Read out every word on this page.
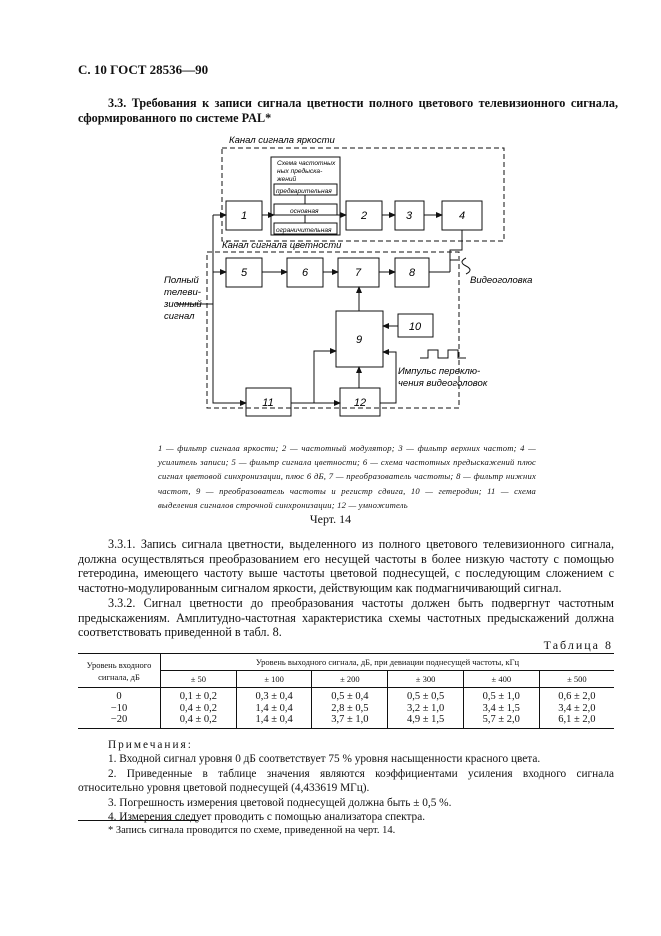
С. 10 ГОСТ 28536—90
3.3. Требования к записи сигнала цветности полного цветового телевизионного сигнала, сформированного по системе PAL*
Канал сигнала яркости
Канал сигнала цветности
Схема частотных
ных предыска-
жений
предварительная
основная
ограничительная
1	2	3	4
5	6	7	8
9
10
11	12
Полный
телеви-
зионный
сигнал
Видеоголовка
Импульс переклю-
чения видеоголовок
1 — фильтр сигнала яркости; 2 — частотный модулятор; 3 — фильтр верхних частот; 4 — усилитель записи; 5 — фильтр сигнала цветности; 6 — схема частотных предыскажений плюс сигнал цветовой синхронизации, плюс 6 дБ, 7 — преобразователь частоты; 8 — фильтр нижних частот, 9 — преобразователь частоты и регистр сдвига, 10 — гетеродин; 11 — схема выделения сигналов строчной синхронизации; 12 — умножитель
Черт. 14
3.3.1. Запись сигнала цветности, выделенного из полного цветового телевизионного сигнала, должна осуществляться преобразованием его несущей частоты в более низкую частоту с помощью гетеродина, имеющего частоту выше частоты цветовой поднесущей, с последующим сложением с частотно-модулированным сигналом яркости, действующим как подмагничивающий сигнал.
3.3.2. Сигнал цветности до преобразования частоты должен быть подвергнут частотным предыскажениям. Амплитудно-частотная характеристика схемы частотных предыскажений должна соответствовать приведенной в табл. 8.
Таблица 8
Уровень входного сигнала, дБ	Уровень выходного сигнала, дБ, при девиации поднесущей частоты, кГц					
	± 50	± 100	± 200	± 300	± 400	± 500
0	0,1 ± 0,2	0,3 ± 0,4	0,5 ± 0,4	0,5 ± 0,5	0,5 ± 1,0	0,6 ± 2,0
−10	0,4 ± 0,2	1,4 ± 0,4	2,8 ± 0,5	3,2 ± 1,0	3,4 ± 1,5	3,4 ± 2,0
−20	0,4 ± 0,2	1,4 ± 0,4	3,7 ± 1,0	4,9 ± 1,5	5,7 ± 2,0	6,1 ± 2,0
Примечания:
1. Входной сигнал уровня 0 дБ соответствует 75 % уровня насыщенности красного цвета.
2. Приведенные в таблице значения являются коэффициентами усиления входного сигнала относительно уровня цветовой поднесущей (4,433619 МГц).
3. Погрешность измерения цветовой поднесущей должна быть ± 0,5 %.
4. Измерения следует проводить с помощью анализатора спектра.
* Запись сигнала проводится по схеме, приведенной на черт. 14.
